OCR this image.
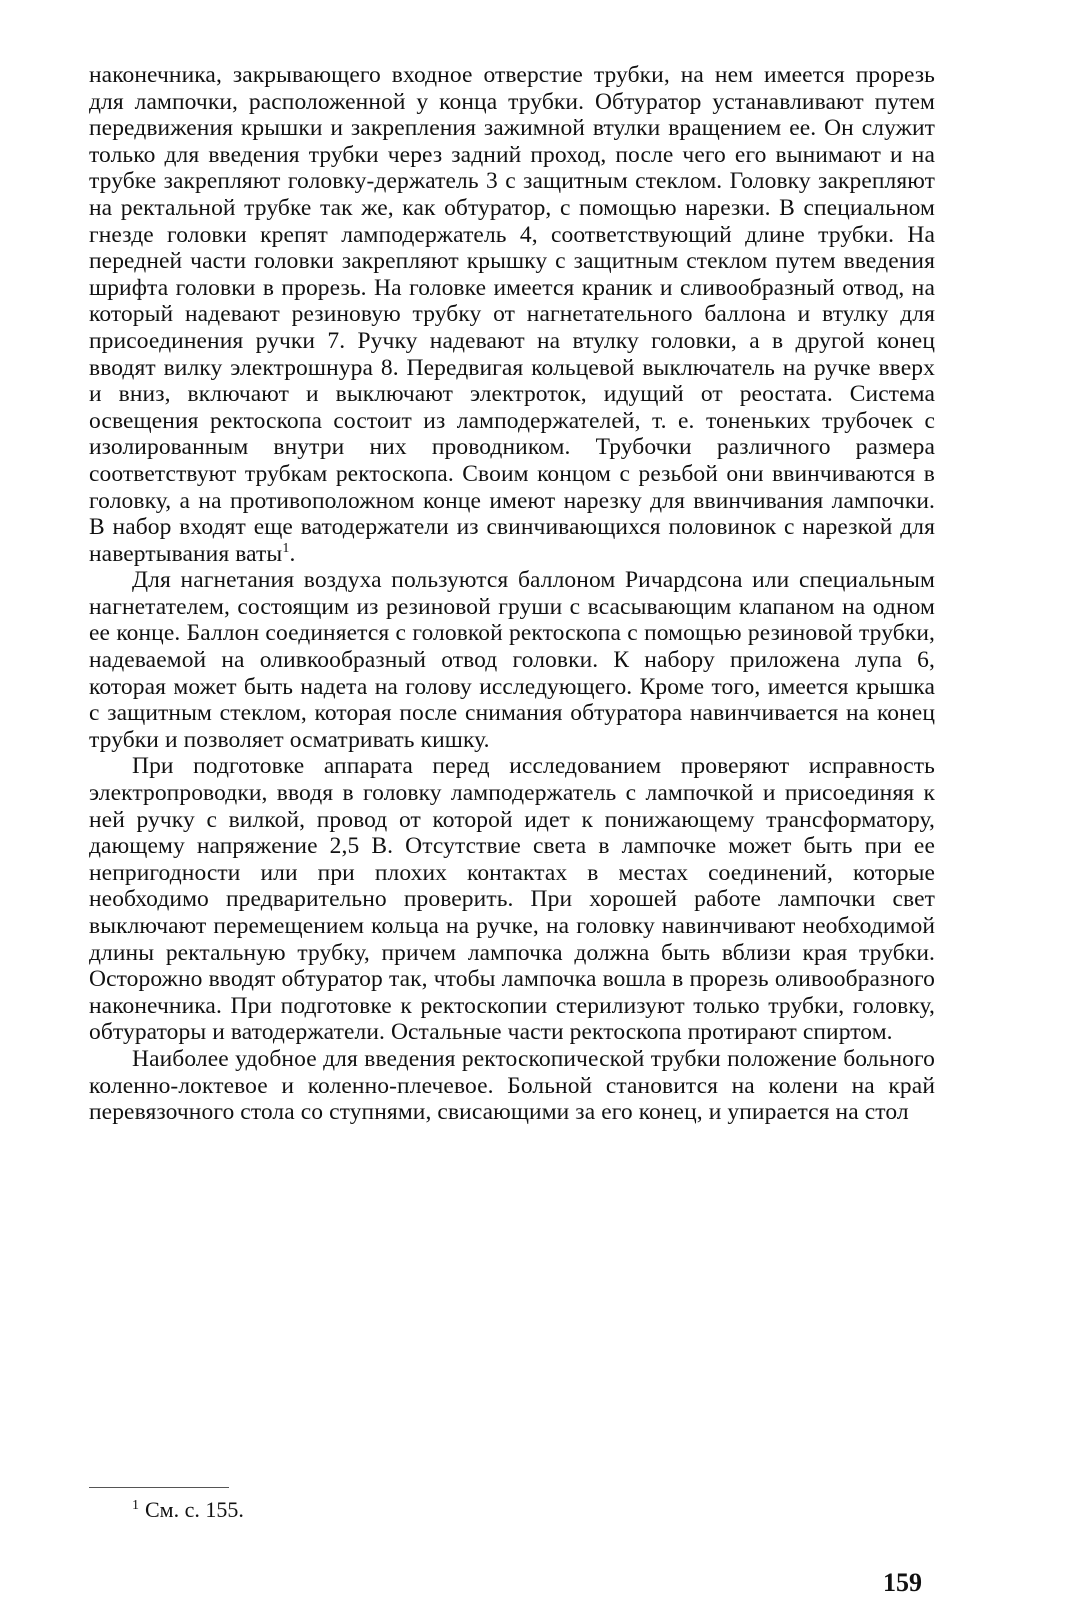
наконечника, закрывающего входное отверстие трубки, на нем имеется прорезь для лампочки, расположенной у конца трубки. Обтуратор устанавливают путем передвижения крышки и закрепления зажимной втулки вращением ее. Он служит только для введения трубки через задний проход, после чего его вынимают и на трубке закрепляют головку-держатель 3 с защитным стеклом. Головку закрепляют на ректальной трубке так же, как обтуратор, с помощью нарезки. В специальном гнезде головки крепят ламподержатель 4, соответствующий длине трубки. На передней части головки закрепляют крышку с защитным стеклом путем введения шрифта головки в прорезь. На головке имеется краник и сливообразный отвод, на который надевают резиновую трубку от нагнетательного баллона и втулку для присоединения ручки 7. Ручку надевают на втулку головки, а в другой конец вводят вилку электрошнура 8. Передвигая кольцевой выключатель на ручке вверх и вниз, включают и выключают электроток, идущий от реостата. Система освещения ректоскопа состоит из ламподержателей, т. е. тоненьких трубочек с изолированным внутри них проводником. Трубочки различного размера соответствуют трубкам ректоскопа. Своим концом с резьбой они ввинчиваются в головку, а на противоположном конце имеют нарезку для ввинчивания лампочки. В набор входят еще ватодержатели из свинчивающихся половинок с нарезкой для навертывания ваты$^1$.

Для нагнетания воздуха пользуются баллоном Ричардсона или специальным нагнетателем, состоящим из резиновой груши с всасывающим клапаном на одном ее конце. Баллон соединяется с головкой ректоскопа с помощью резиновой трубки, надеваемой на оливкообразный отвод головки. К набору приложена лупа 6, которая может быть надета на голову исследующего. Кроме того, имеется крышка с защитным стеклом, которая после снимания обтуратора навинчивается на конец трубки и позволяет осматривать кишку.

При подготовке аппарата перед исследованием проверяют исправность электропроводки, вводя в головку ламподержатель с лампочкой и присоединяя к ней ручку с вилкой, провод от которой идет к понижающему трансформатору, дающему напряжение 2,5 В. Отсутствие света в лампочке может быть при ее непригодности или при плохих контактах в местах соединений, которые необходимо предварительно проверить. При хорошей работе лампочки свет выключают перемещением кольца на ручке, на головку навинчивают необходимой длины ректальную трубку, причем лампочка должна быть вблизи края трубки. Осторожно вводят обтуратор так, чтобы лампочка вошла в прорезь оливообразного наконечника. При подготовке к ректоскопии стерилизуют только трубки, головку, обтураторы и ватодержатели. Остальные части ректоскопа протирают спиртом.

Наиболее удобное для введения ректоскопической трубки положение больного коленно-локтевое и коленно-плечевое. Больной становится на колени на край перевязочного стола со ступнями, свисающими за его конец, и упирается на стол

$^1$ См. с. 155.

159
